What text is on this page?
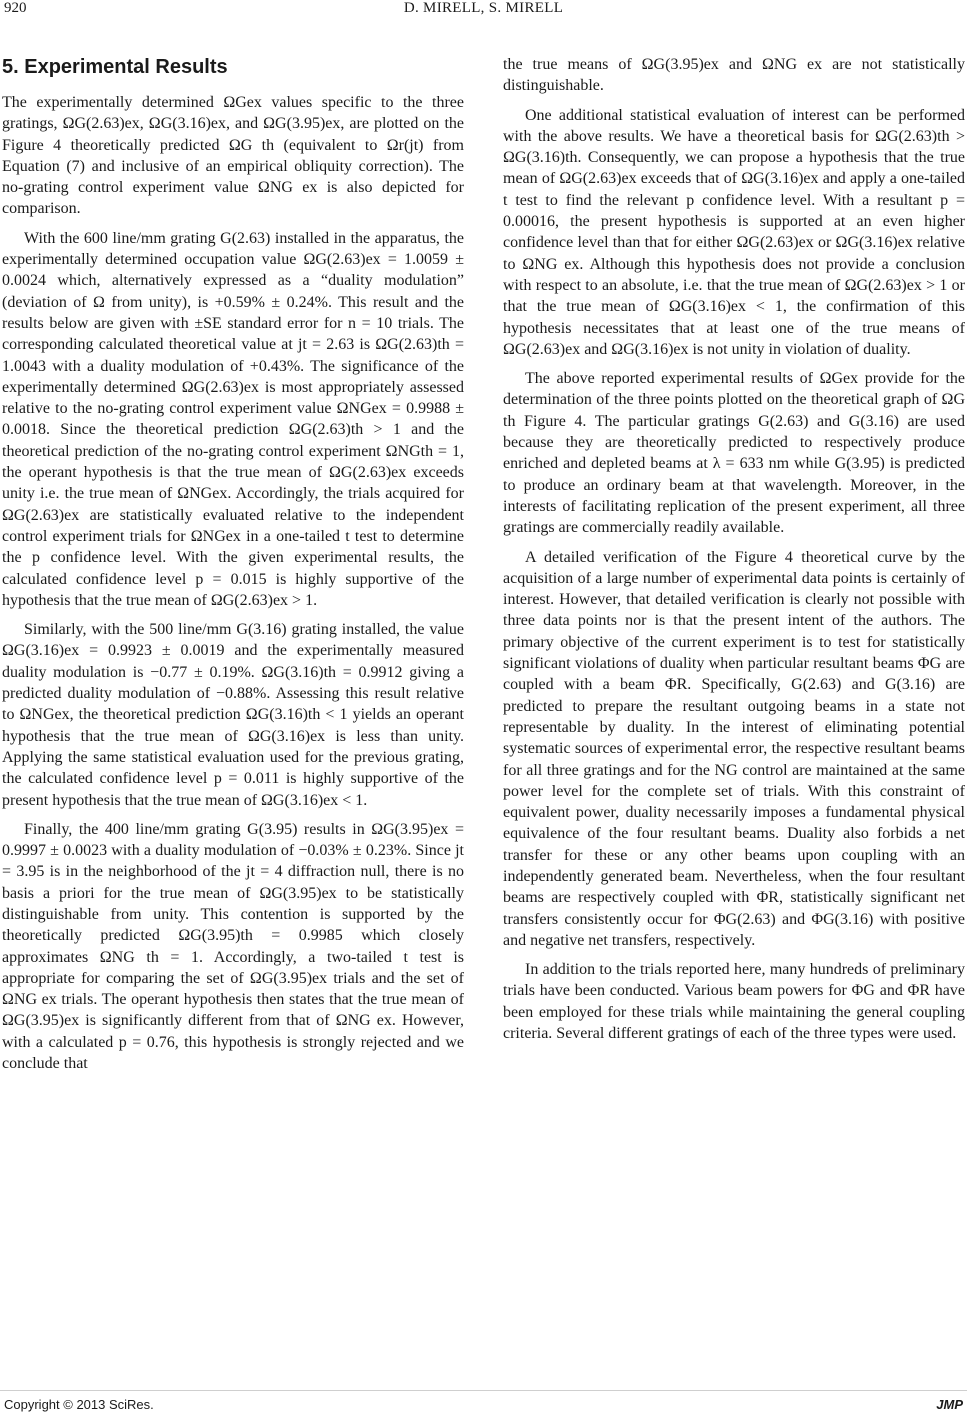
920	D. MIRELL, S. MIRELL
5. Experimental Results

The experimentally determined ΩGex values specific to the three gratings, ΩG(2.63)ex, ΩG(3.16)ex, and ΩG(3.95)ex, are plotted on the Figure 4 theoretically predicted ΩG th (equivalent to Ωr(jt) from Equation (7) and inclusive of an empirical obliquity correction). The no-grating control experiment value ΩNG ex is also depicted for comparison.

With the 600 line/mm grating G(2.63) installed in the apparatus, the experimentally determined occupation value ΩG(2.63)ex = 1.0059 ± 0.0024 which, alternatively expressed as a “duality modulation” (deviation of Ω from unity), is +0.59% ± 0.24%. This result and the results below are given with ±SE standard error for n = 10 trials. The corresponding calculated theoretical value at jt = 2.63 is ΩG(2.63)th = 1.0043 with a duality modulation of +0.43%. The significance of the experimentally determined ΩG(2.63)ex is most appropriately assessed relative to the no-grating control experiment value ΩNGex = 0.9988 ± 0.0018. Since the theoretical prediction ΩG(2.63)th > 1 and the theoretical prediction of the no-grating control experiment ΩNGth = 1, the operant hypothesis is that the true mean of ΩG(2.63)ex exceeds unity i.e. the true mean of ΩNGex. Accordingly, the trials acquired for ΩG(2.63)ex are statistically evaluated relative to the independent control experiment trials for ΩNGex in a one-tailed t test to determine the p confidence level. With the given experimental results, the calculated confidence level p = 0.015 is highly supportive of the hypothesis that the true mean of ΩG(2.63)ex > 1.

Similarly, with the 500 line/mm G(3.16) grating installed, the value ΩG(3.16)ex = 0.9923 ± 0.0019 and the experimentally measured duality modulation is −0.77 ± 0.19%. ΩG(3.16)th = 0.9912 giving a predicted duality modulation of −0.88%. Assessing this result relative to ΩNGex, the theoretical prediction ΩG(3.16)th < 1 yields an operant hypothesis that the true mean of ΩG(3.16)ex is less than unity. Applying the same statistical evaluation used for the previous grating, the calculated confidence level p = 0.011 is highly supportive of the present hypothesis that the true mean of ΩG(3.16)ex < 1.

Finally, the 400 line/mm grating G(3.95) results in ΩG(3.95)ex = 0.9997 ± 0.0023 with a duality modulation of −0.03% ± 0.23%. Since jt = 3.95 is in the neighborhood of the jt = 4 diffraction null, there is no basis a priori for the true mean of ΩG(3.95)ex to be statistically distinguishable from unity. This contention is supported by the theoretically predicted ΩG(3.95)th = 0.9985 which closely approximates ΩNG th = 1. Accordingly, a two-tailed t test is appropriate for comparing the set of ΩG(3.95)ex trials and the set of ΩNG ex trials. The operant hypothesis then states that the true mean of ΩG(3.95)ex is significantly different from that of ΩNG ex. However, with a calculated p = 0.76, this hypothesis is strongly rejected and we conclude that

the true means of ΩG(3.95)ex and ΩNG ex are not statistically distinguishable.

One additional statistical evaluation of interest can be performed with the above results. We have a theoretical basis for ΩG(2.63)th > ΩG(3.16)th. Consequently, we can propose a hypothesis that the true mean of ΩG(2.63)ex exceeds that of ΩG(3.16)ex and apply a one-tailed t test to find the relevant p confidence level. With a resultant p = 0.00016, the present hypothesis is supported at an even higher confidence level than that for either ΩG(2.63)ex or ΩG(3.16)ex relative to ΩNG ex. Although this hypothesis does not provide a conclusion with respect to an absolute, i.e. that the true mean of ΩG(2.63)ex > 1 or that the true mean of ΩG(3.16)ex < 1, the confirmation of this hypothesis necessitates that at least one of the true means of ΩG(2.63)ex and ΩG(3.16)ex is not unity in violation of duality.

The above reported experimental results of ΩGex provide for the determination of the three points plotted on the theoretical graph of ΩG th Figure 4. The particular gratings G(2.63) and G(3.16) are used because they are theoretically predicted to respectively produce enriched and depleted beams at λ = 633 nm while G(3.95) is predicted to produce an ordinary beam at that wavelength. Moreover, in the interests of facilitating replication of the present experiment, all three gratings are commercially readily available.

A detailed verification of the Figure 4 theoretical curve by the acquisition of a large number of experimental data points is certainly of interest. However, that detailed verification is clearly not possible with three data points nor is that the present intent of the authors. The primary objective of the current experiment is to test for statistically significant violations of duality when particular resultant beams ΦG are coupled with a beam ΦR. Specifically, G(2.63) and G(3.16) are predicted to prepare the resultant outgoing beams in a state not representable by duality. In the interest of eliminating potential systematic sources of experimental error, the respective resultant beams for all three gratings and for the NG control are maintained at the same power level for the complete set of trials. With this constraint of equivalent power, duality necessarily imposes a fundamental physical equivalence of the four resultant beams. Duality also forbids a net transfer for these or any other beams upon coupling with an independently generated beam. Nevertheless, when the four resultant beams are respectively coupled with ΦR, statistically significant net transfers consistently occur for ΦG(2.63) and ΦG(3.16) with positive and negative net transfers, respectively.

In addition to the trials reported here, many hundreds of preliminary trials have been conducted. Various beam powers for ΦG and ΦR have been employed for these trials while maintaining the general coupling criteria. Several different gratings of each of the three types were used.

Copyright © 2013 SciRes.	JMP
